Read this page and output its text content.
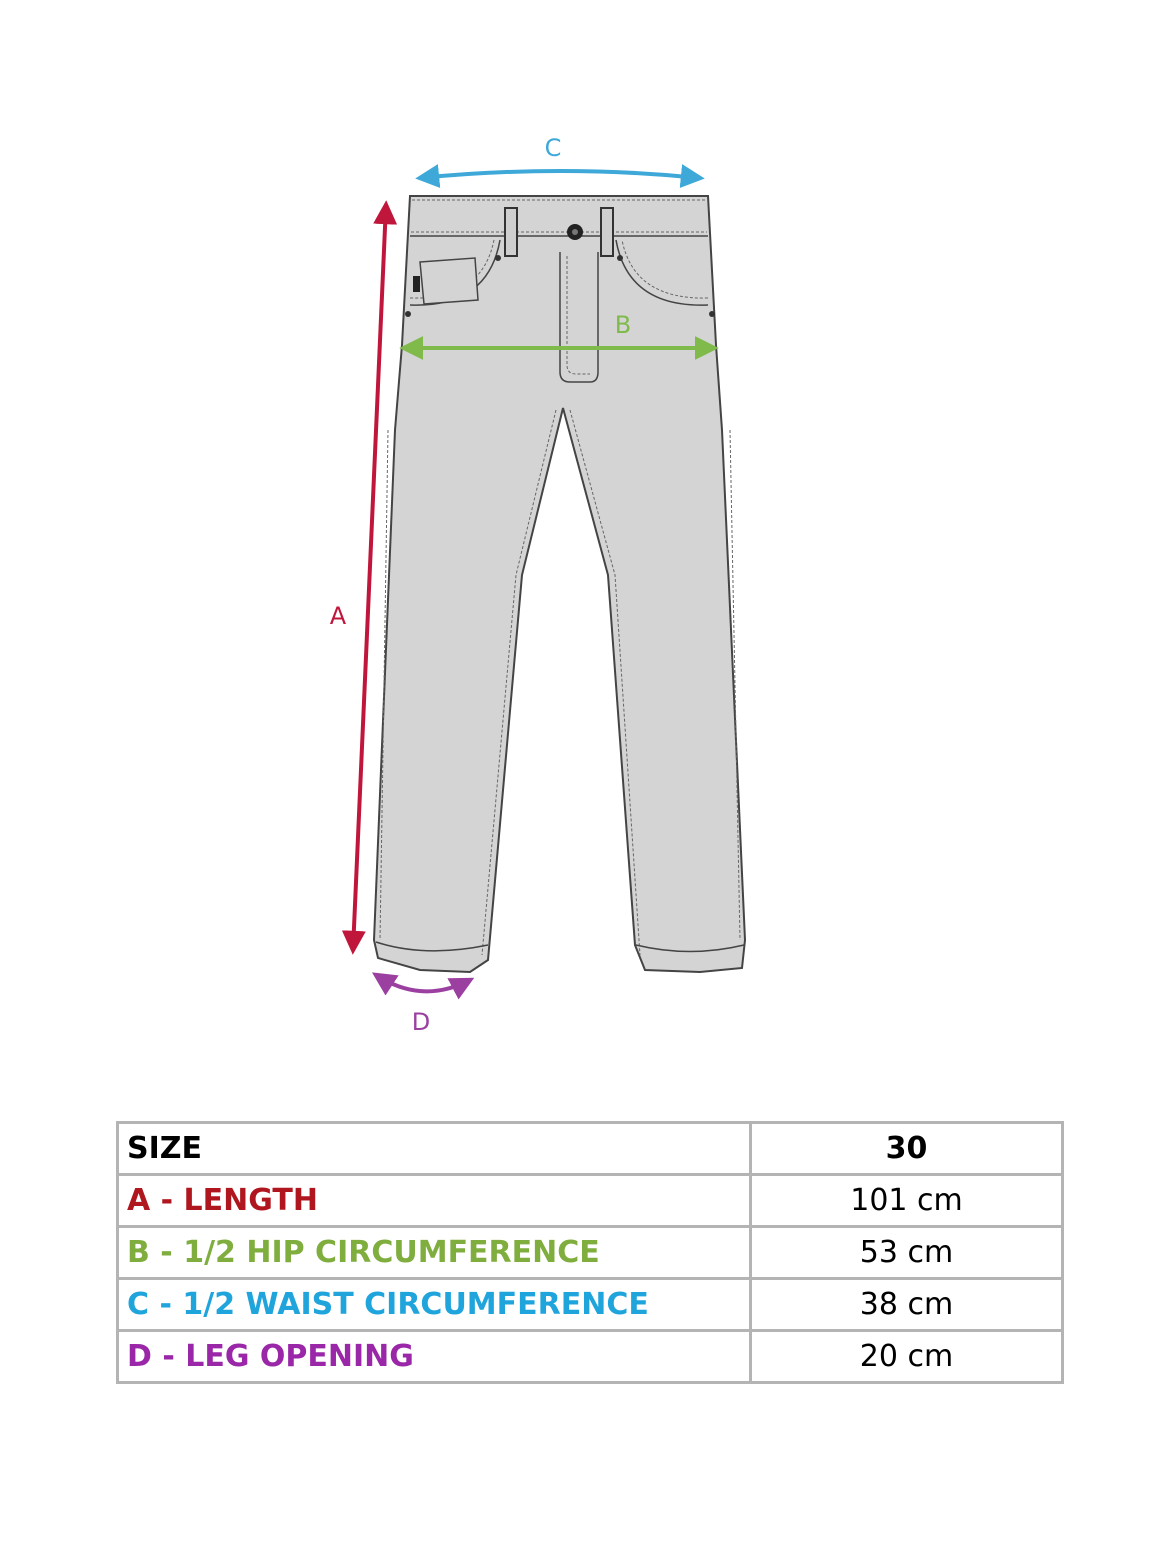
C
B
A
D
SIZE	30
A - LENGTH	101 cm
B - 1/2 HIP CIRCUMFERENCE	53 cm
C - 1/2 WAIST CIRCUMFERENCE	38 cm
D - LEG OPENING	20 cm
